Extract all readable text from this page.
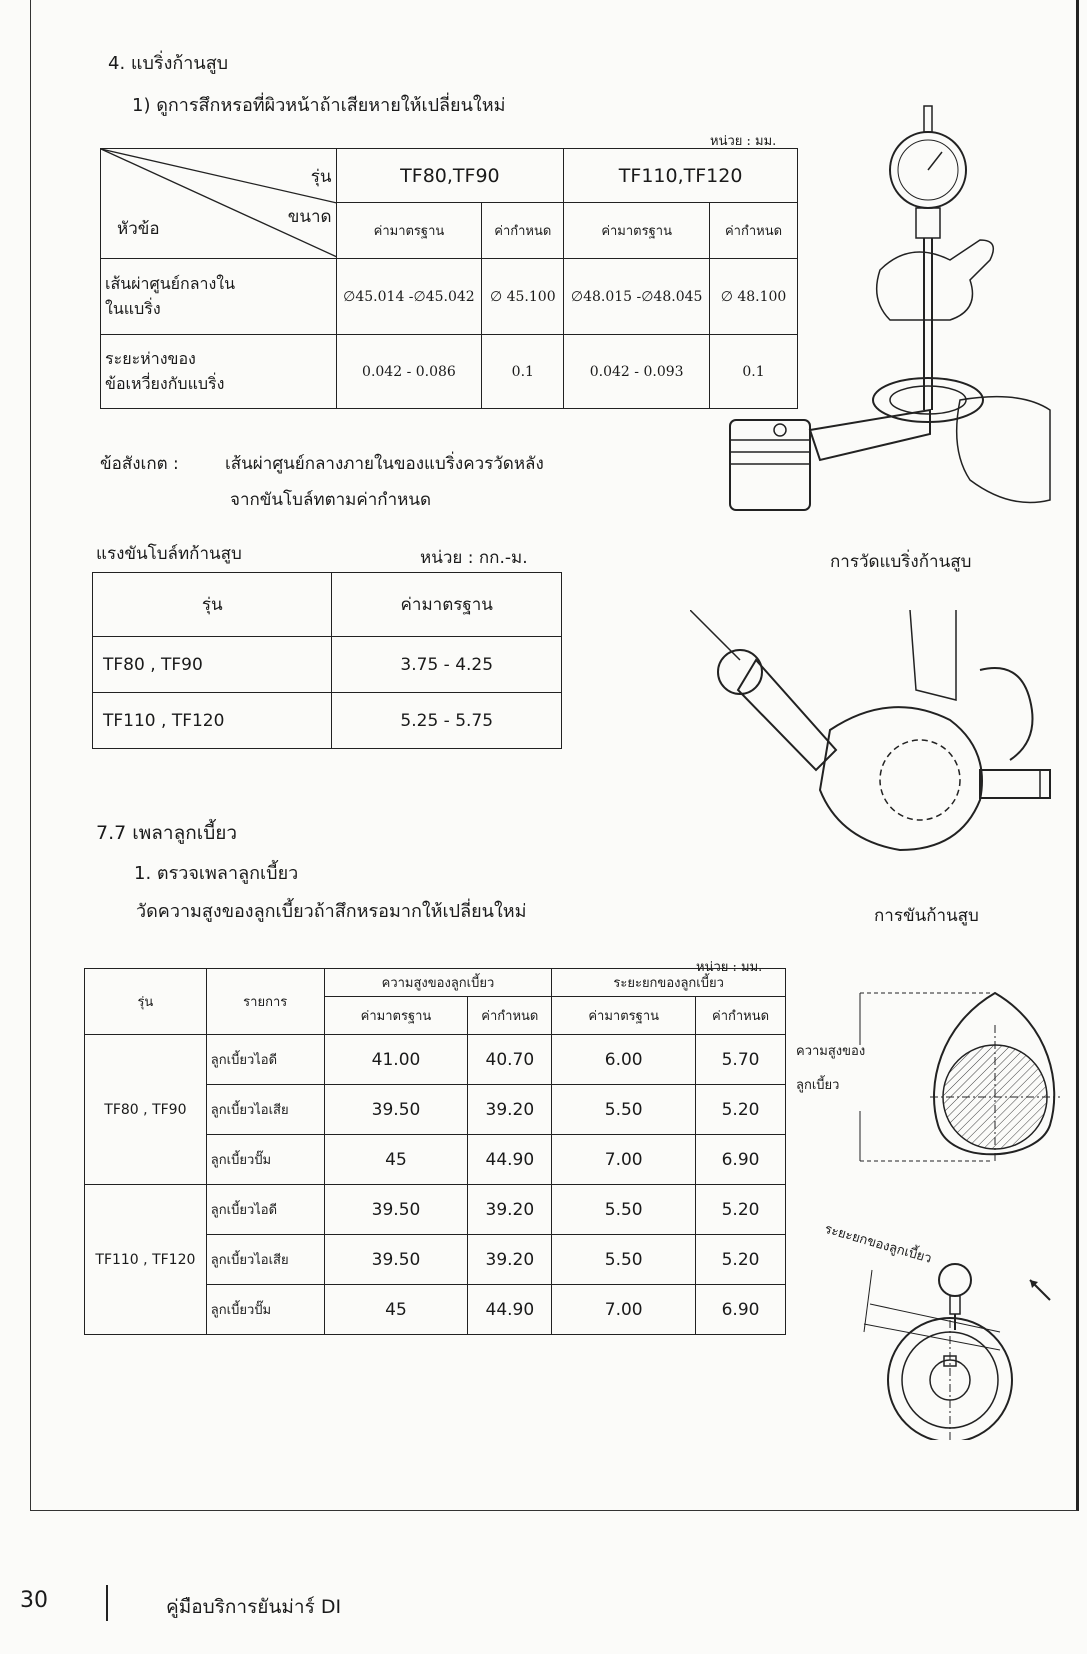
4. แบริ่งก้านสูบ
1) ดูการสึกหรอที่ผิวหน้าถ้าเสียหายให้เปลี่ยนใหม่
หน่วย : มม.
รุ่น
ขนาด
หัวข้อ	TF80,TF90		TF110,TF120	
	ค่ามาตรฐาน	ค่ากำหนด	ค่ามาตรฐาน	ค่ากำหนด
เส้นผ่าศูนย์กลางใน
ในแบริ่ง	∅45.014 -∅45.042	∅ 45.100	∅48.015 -∅48.045	∅ 48.100
ระยะห่างของ
ข้อเหวี่ยงกับแบริ่ง	0.042 - 0.086	0.1	0.042 - 0.093	0.1
ข้อสังเกต :	เส้นผ่าศูนย์กลางภายในของแบริ่งควรวัดหลัง
จากขันโบล์ทตามค่ากำหนด
แรงขันโบล์ทก้านสูบ	หน่วย : กก.-ม.
รุ่น	ค่ามาตรฐาน
TF80 , TF90	3.75 - 4.25
TF110 , TF120	5.25 - 5.75
การวัดแบริ่งก้านสูบ
การขันก้านสูบ
7.7 เพลาลูกเบี้ยว
1. ตรวจเพลาลูกเบี้ยว
วัดความสูงของลูกเบี้ยวถ้าสึกหรอมากให้เปลี่ยนใหม่
หน่วย : มม.
รุ่น	รายการ	ความสูงของลูกเบี้ยว		ระยะยกของลูกเบี้ยว	
		ค่ามาตรฐาน	ค่ากำหนด	ค่ามาตรฐาน	ค่ากำหนด
TF80 , TF90	ลูกเบี้ยวไอดี	41.00	40.70	6.00	5.70
	ลูกเบี้ยวไอเสีย	39.50	39.20	5.50	5.20
	ลูกเบี้ยวปั๊ม	45	44.90	7.00	6.90
TF110 , TF120	ลูกเบี้ยวไอดี	39.50	39.20	5.50	5.20
	ลูกเบี้ยวไอเสีย	39.50	39.20	5.50	5.20
	ลูกเบี้ยวปั๊ม	45	44.90	7.00	6.90
ความสูงของ
ลูกเบี้ยว
ระยะยกของลูกเบี้ยว
30	คู่มือบริการยันม่าร์ DI
